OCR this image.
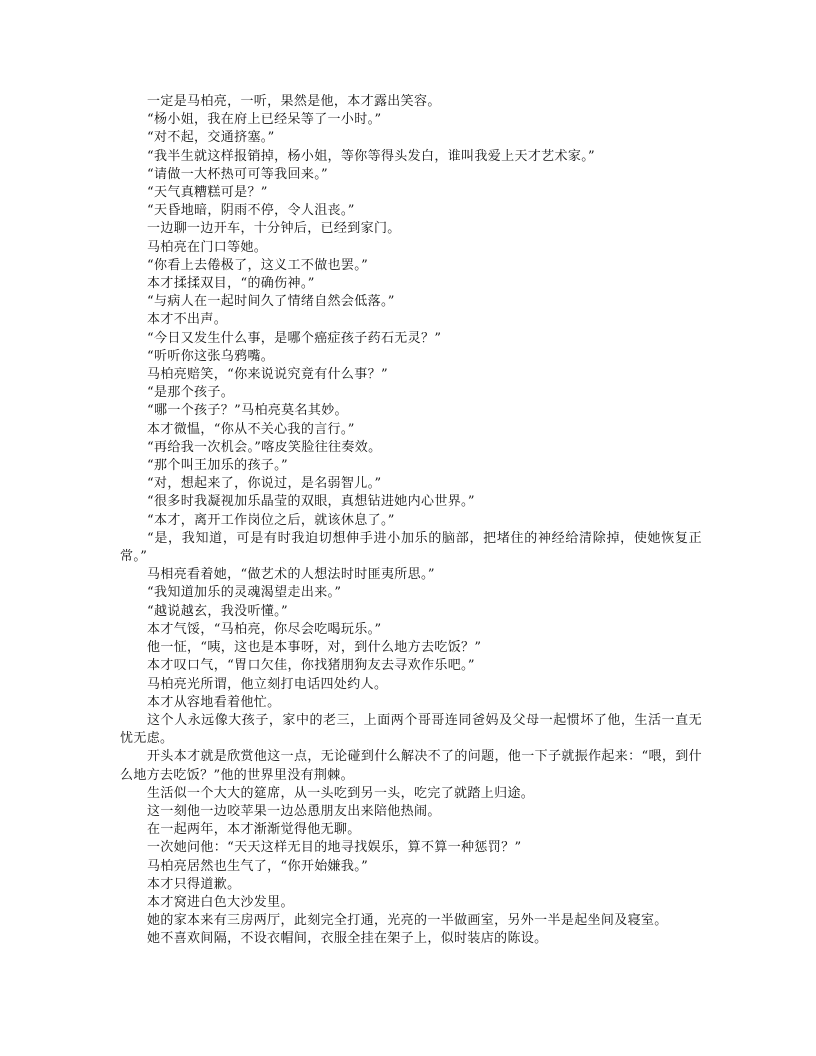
一定是马柏亮，一听，果然是他，本才露出笑容。

“杨小姐，我在府上已经呆等了一小时。”

“对不起，交通挤塞。”

“我半生就这样报销掉，杨小姐，等你等得头发白，谁叫我爱上天才艺术家。”

“请做一大杯热可可等我回来。”

“天气真糟糕可是？”

“天昏地暗，阴雨不停，令人沮丧。”

一边聊一边开车，十分钟后，已经到家门。

马柏亮在门口等她。

“你看上去倦极了，这义工不做也罢。”

本才揉揉双目，“的确伤神。”

“与病人在一起时间久了情绪自然会低落。”

本才不出声。

“今日又发生什么事，是哪个癌症孩子药石无灵？”

“听听你这张乌鸦嘴。

马柏亮赔笑，“你来说说究竟有什么事？”

“是那个孩子。

“哪一个孩子？”马柏亮莫名其妙。

本才微愠，“你从不关心我的言行。”

“再给我一次机会。”喀皮笑脸往往奏效。

“那个叫王加乐的孩子。”

“对，想起来了，你说过，是名弱智儿。”

“很多时我凝视加乐晶莹的双眼，真想钻进她内心世界。”

“本才，离开工作岗位之后，就该休息了。”

“是，我知道，可是有时我迫切想伸手进小加乐的脑部，把堵住的神经给清除掉，使她恢复正常。”

马相亮看着她，“做艺术的人想法时时匪夷所思。”

“我知道加乐的灵魂渴望走出来。”

“越说越玄，我没听懂。”

本才气馁，“马柏亮，你尽会吃喝玩乐。”

他一怔，“咦，这也是本事呀，对，到什么地方去吃饭？”

本才叹口气，“胃口欠佳，你找猪朋狗友去寻欢作乐吧。”

马柏亮光所谓，他立刻打电话四处约人。

本才从容地看着他忙。

这个人永远像大孩子，家中的老三，上面两个哥哥连同爸妈及父母一起惯坏了他，生活一直无忧无虑。

开头本才就是欣赏他这一点，无论碰到什么解决不了的问题，他一下子就振作起来：“喂，到什么地方去吃饭？”他的世界里没有荆棘。

生活似一个大大的筵席，从一头吃到另一头，吃完了就踏上归途。

这一刻他一边咬苹果一边怂恿朋友出来陪他热闹。

在一起两年，本才渐渐觉得他无聊。

一次她问他：“天天这样无目的地寻找娱乐，算不算一种惩罚？”

马柏亮居然也生气了，“你开始嫌我。”

本才只得道歉。

本才窝进白色大沙发里。

她的家本来有三房两厅，此刻完全打通，光亮的一半做画室，另外一半是起坐间及寝室。

她不喜欢间隔，不设衣帽间，衣服全挂在架子上，似时装店的陈设。
